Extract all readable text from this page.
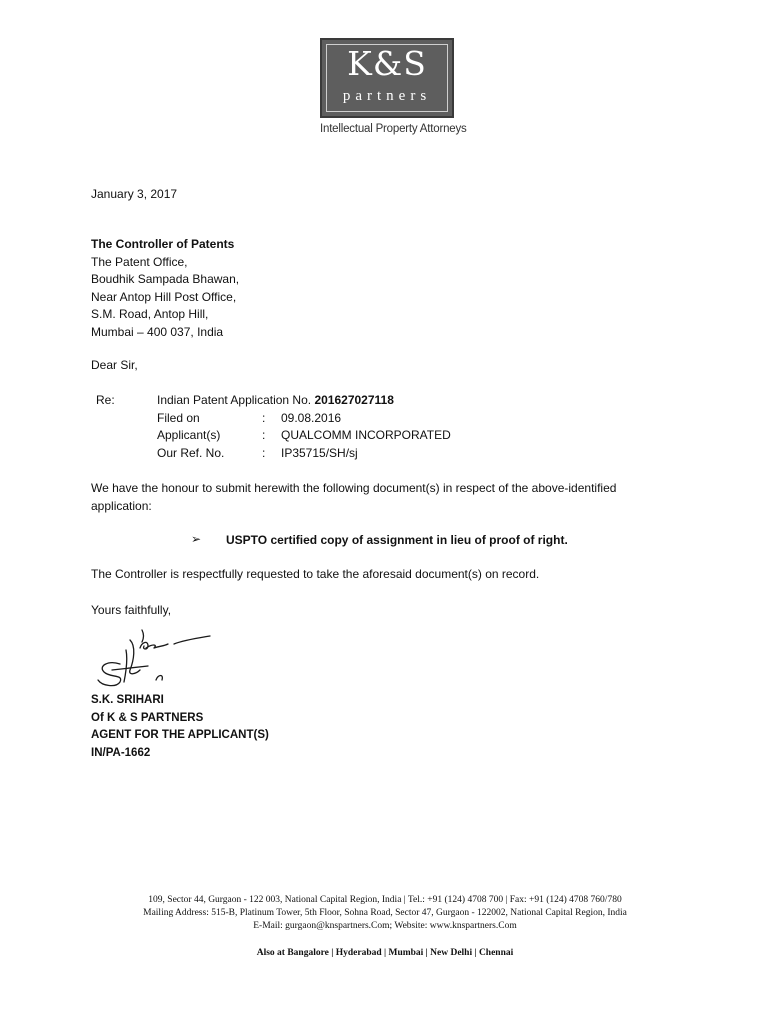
K&S
partners
Intellectual Property Attorneys
January 3, 2017
The Controller of Patents
The Patent Office,
Boudhik Sampada Bhawan,
Near Antop Hill Post Office,
S.M. Road, Antop Hill,
Mumbai – 400 037, India
Dear Sir,
Re:	Indian Patent Application No. 201627027118
Filed on	: 09.08.2016
Applicant(s)	: QUALCOMM INCORPORATED
Our Ref. No.	: IP35715/SH/sj
We have the honour to submit herewith the following document(s) in respect of the above-identified
application:
➢ USPTO certified copy of assignment in lieu of proof of right.
The Controller is respectfully requested to take the aforesaid document(s) on record.
Yours faithfully,
S.K. SRIHARI
Of K & S PARTNERS
AGENT FOR THE APPLICANT(S)
IN/PA-1662
109, Sector 44, Gurgaon - 122 003, National Capital Region, India | Tel.: +91 (124) 4708 700 | Fax: +91 (124) 4708 760/780
Mailing Address: 515-B, Platinum Tower, 5th Floor, Sohna Road, Sector 47, Gurgaon - 122002, National Capital Region, India
E-Mail: gurgaon@knspartners.Com; Website: www.knspartners.Com
Also at Bangalore | Hyderabad | Mumbai | New Delhi | Chennai
